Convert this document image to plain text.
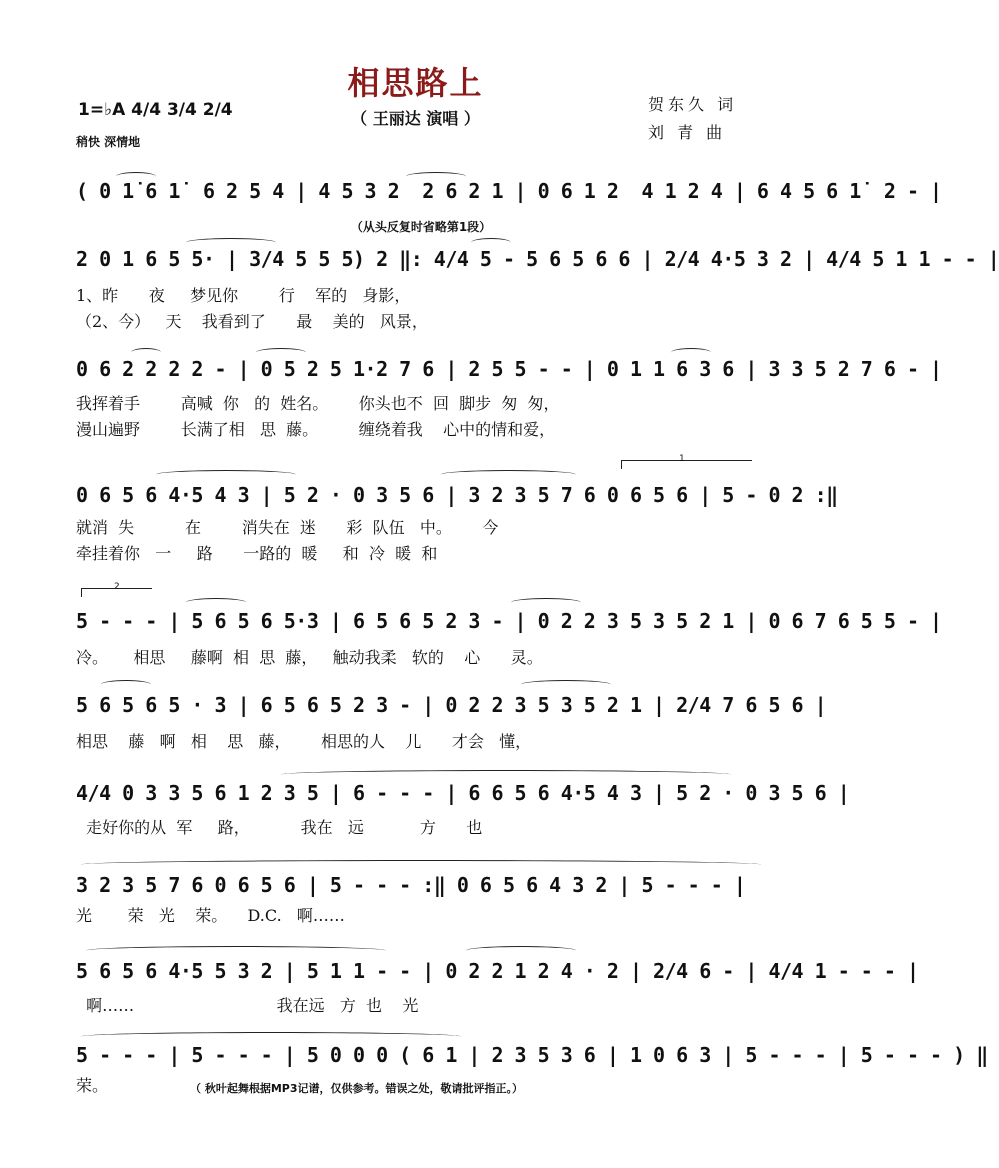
相思路上
（ 王丽达 演唱 ）
贺东久 词
刘 青 曲
1=♭A 4/4 3/4 2/4
稍快 深情地
（从头反复时省略第1段）
( 0 1̇ 6 1̇  6 2 5 4 | 4 5 3 2  2 6 2 1 | 0 6 1 2  4 1 2 4 | 6 4 5 6 1̇  2 - |
2 0 1 6 5 5· | 3/4 5 5 5) 2 ‖: 4/4 5 - 5 6 5 6 6 | 2/4 4·5 3 2 | 4/4 5 1 1 - - |
1、昨      夜     梦见你        行    军的   身影，
（2、今）   天    我看到了      最    美的   风景，
0 6 2 2 2 2 - | 0 5 2 5 1·2 7 6 | 2 5 5 - - | 0 1 1 6 3 6 | 3 3 5 2 7 6 - |
我挥着手        高喊  你   的  姓名。      你头也不  回  脚步  匆  匆，
漫山遍野        长满了相   思  藤。        缠绕着我    心中的情和爱，
1
0 6 5 6 4·5 4 3 | 5 2 · 0 3 5 6 | 3 2 3 5 7 6 0 6 5 6 | 5 - 0 2 :‖
就消  失          在        消失在  迷      彩  队伍   中。      今
牵挂着你   一     路      一路的  暖     和  冷  暖  和
2
5 - - - | 5 6 5 6 5·3 | 6 5 6 5 2 3 - | 0 2 2 3 5 3 5 2 1 | 0 6 7 6 5 5 - |
冷。     相思     藤啊  相  思  藤，   触动我柔   软的    心      灵。
5 6 5 6 5 · 3 | 6 5 6 5 2 3 - | 0 2 2 3 5 3 5 2 1 | 2/4 7 6 5 6 |
相思    藤   啊   相    思   藤，      相思的人    儿      才会   懂，
4/4 0 3 3 5 6 1 2 3 5 | 6 - - - | 6 6 5 6 4·5 4 3 | 5 2 · 0 3 5 6 |
走好你的从  军     路，          我在   远           方      也
3 2 3 5 7 6 0 6 5 6 | 5 - - - :‖ 0 6 5 6 4 3 2 | 5 - - - |
光       荣   光    荣。    D.C.   啊……
5 6 5 6 4·5 5 3 2 | 5 1 1 - - | 0 2 2 1 2 4 · 2 | 2/4 6 - | 4/4 1 - - - |
啊……                            我在远   方  也    光
5 - - - | 5 - - - | 5 0 0 0 ( 6 1 | 2 3 5 3 6 | 1 0 6 3 | 5 - - - | 5 - - - ) ‖
荣。	（ 秋叶起舞根据MP3记谱，仅供参考。错误之处，敬请批评指正。）
